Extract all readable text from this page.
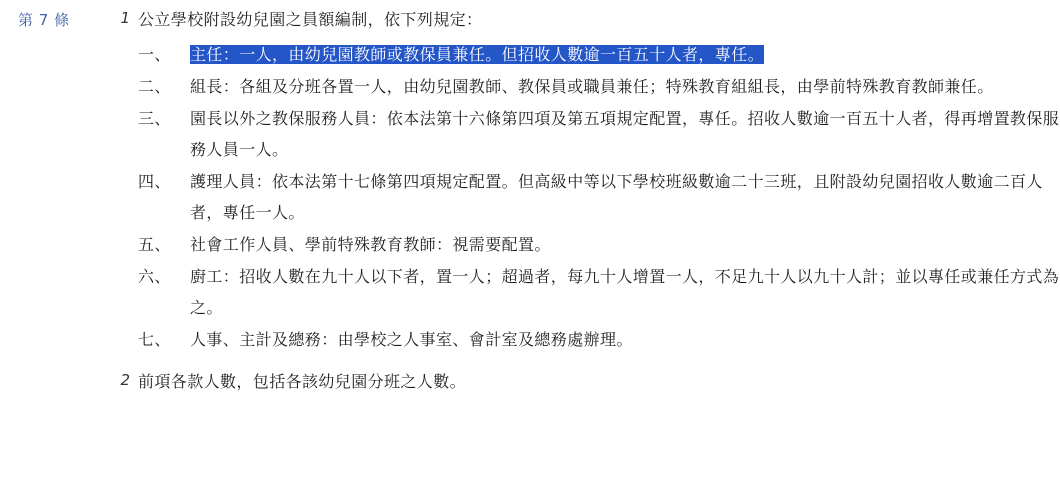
第 7 條	1 公立學校附設幼兒園之員額編制，依下列規定：
一、	主任：一人，由幼兒園教師或教保員兼任。但招收人數逾一百五十人者，專任。
二、	組長：各組及分班各置一人，由幼兒園教師、教保員或職員兼任；特殊教育組組長，由學前特殊教育教師兼任。
三、	園長以外之教保服務人員：依本法第十六條第四項及第五項規定配置，專任。招收人數逾一百五十人者，得再增置教保服務人員一人。
四、	護理人員：依本法第十七條第四項規定配置。但高級中等以下學校班級數逾二十三班，且附設幼兒園招收人數逾二百人者，專任一人。
五、	社會工作人員、學前特殊教育教師：視需要配置。
六、	廚工：招收人數在九十人以下者，置一人；超過者，每九十人增置一人，不足九十人以九十人計；並以專任或兼任方式為之。
七、	人事、主計及總務：由學校之人事室、會計室及總務處辦理。
2 前項各款人數，包括各該幼兒園分班之人數。
